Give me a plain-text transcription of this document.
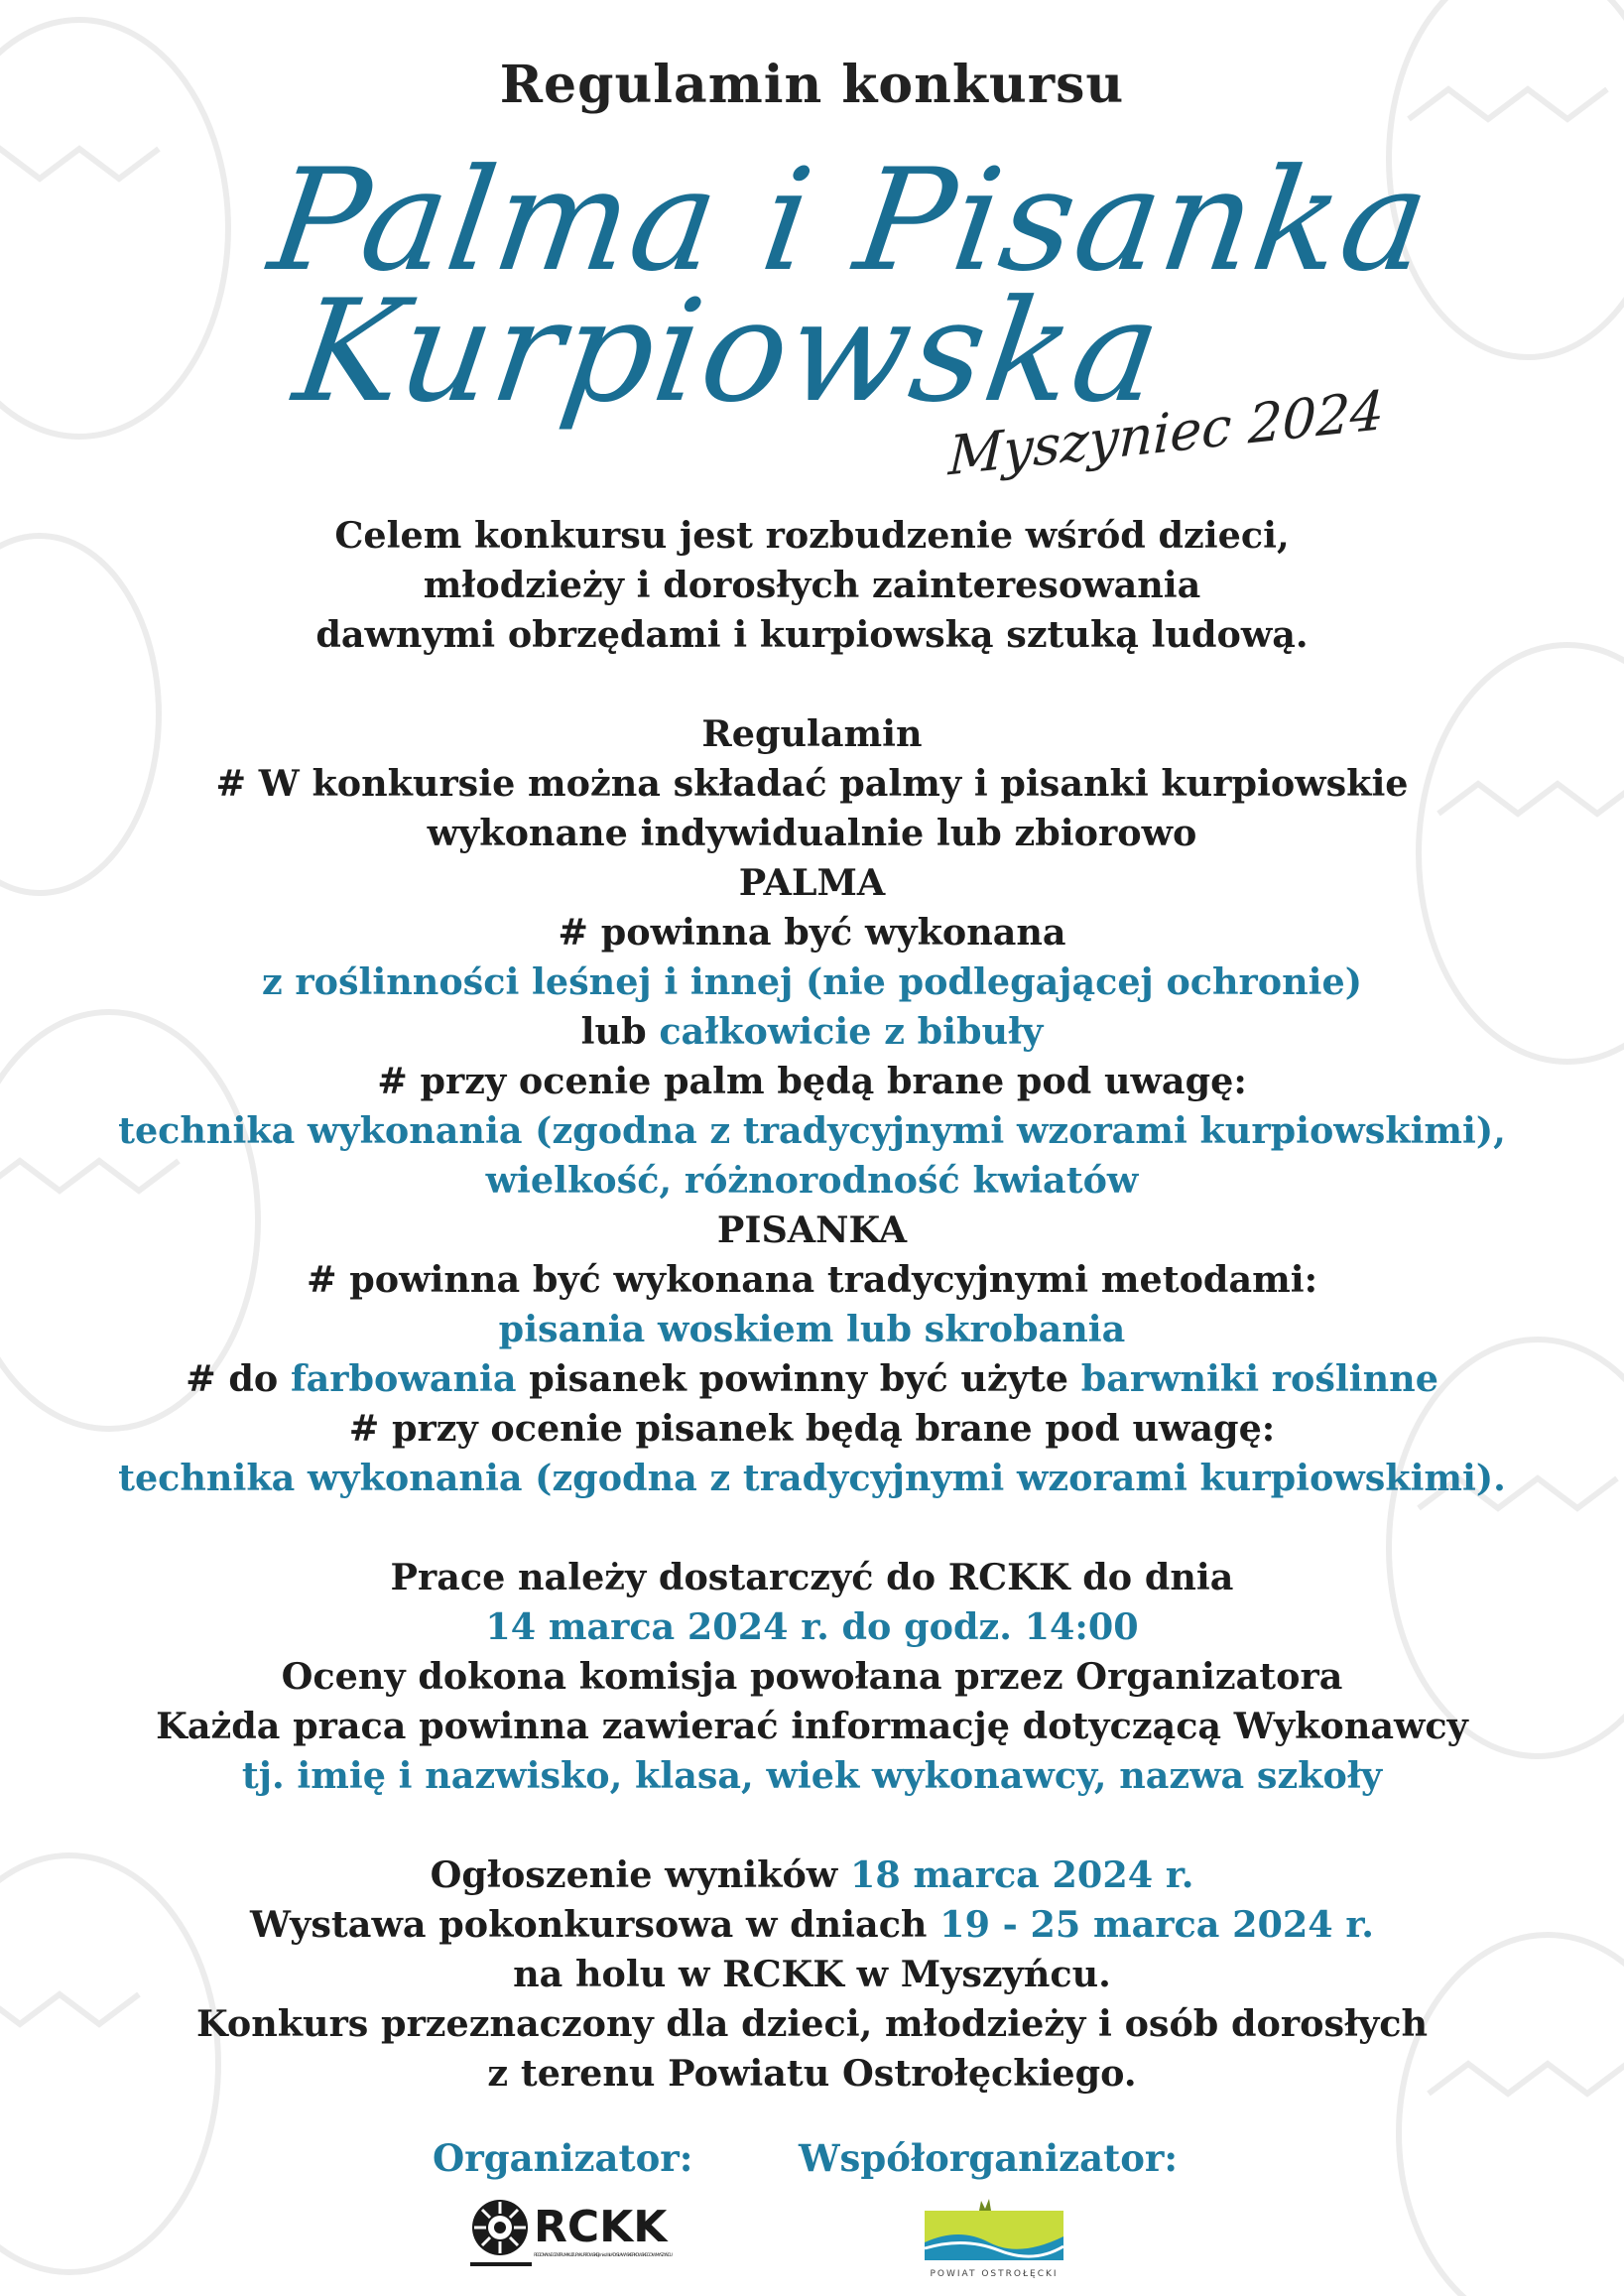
Regulamin konkursu
Palma i Pisanka
Kurpiowska
Myszyniec 2024
Celem konkursu jest rozbudzenie wśród dzieci,
młodzieży i dorosłych zainteresowania
dawnymi obrzędami i kurpiowską sztuką ludową.
Regulamin
# W konkursie można składać palmy i pisanki kurpiowskie
wykonane indywidualnie lub zbiorowo
PALMA
# powinna być wykonana
z roślinności leśnej i innej (nie podlegającej ochronie)
lub całkowicie z bibuły
# przy ocenie palm będą brane pod uwagę:
technika wykonania (zgodna z tradycyjnymi wzorami kurpiowskimi),
wielkość, różnorodność kwiatów
PISANKA
# powinna być wykonana tradycyjnymi metodami:
pisania woskiem lub skrobania
# do farbowania pisanek powinny być użyte barwniki roślinne
# przy ocenie pisanek będą brane pod uwagę:
technika wykonania (zgodna z tradycyjnymi wzorami kurpiowskimi).
Prace należy dostarczyć do RCKK do dnia
14 marca 2024 r. do godz. 14:00
Oceny dokona komisja powołana przez Organizatora
Każda praca powinna zawierać informację dotyczącą Wykonawcy
tj. imię i nazwisko, klasa, wiek wykonawcy, nazwa szkoły
Ogłoszenie wyników 18 marca 2024 r.
Wystawa pokonkursowa w dniach 19 - 25 marca 2024 r.
na holu w RCKK w Myszyńcu.
Konkurs przeznaczony dla dzieci, młodzieży i osób dorosłych
z terenu Powiatu Ostrołęckiego.
Organizator:	Współorganizator:
RCKK
REGIONALNE CENTRUM KULTURY KURPIOWSKIEJ im. ks. WŁADYSŁAWA SKIERKOWSKIEGO W MYSZYŃCU
POWIAT OSTROŁĘCKI
